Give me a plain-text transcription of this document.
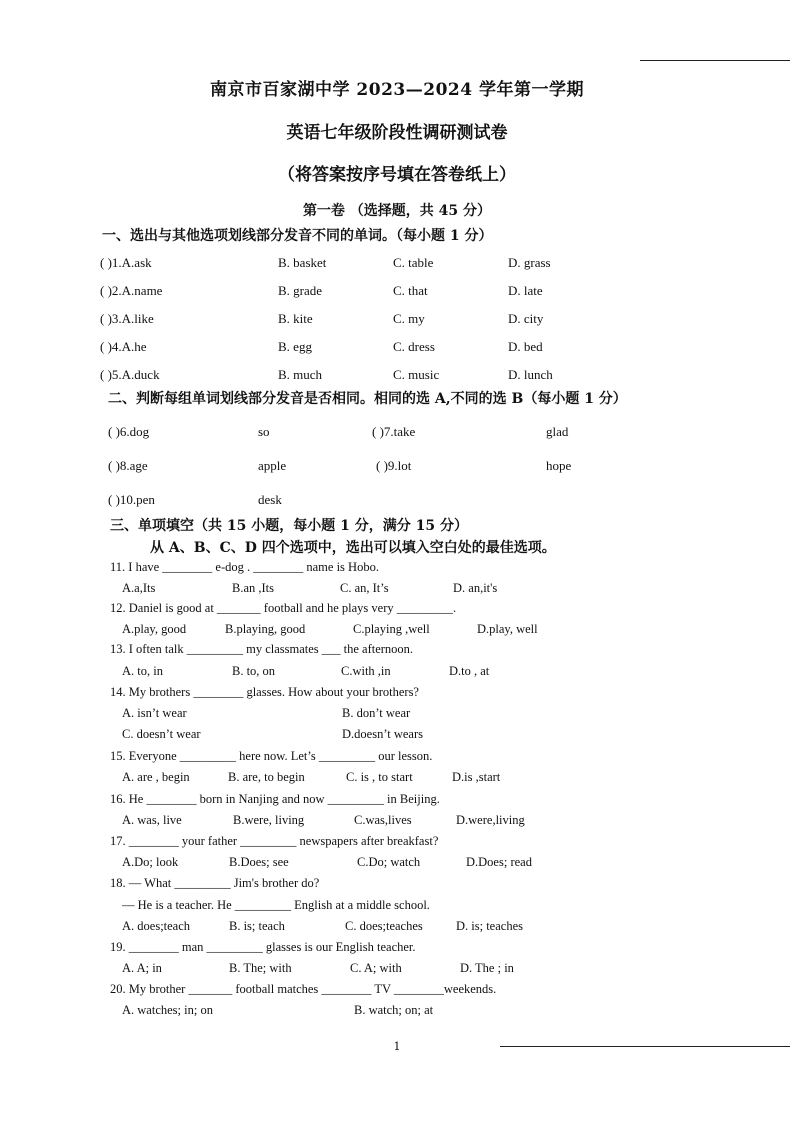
南京市百家湖中学 2023—2024 学年第一学期
英语七年级阶段性调研测试卷
（将答案按序号填在答卷纸上）
第一卷 （选择题，共 45 分）
一、选出与其他选项划线部分发音不同的单词。（每小题 1 分）
( )1.A.ask	B. basket	C. table	D. grass
( )2.A.name	B. grade	C. that	D. late
( )3.A.like	B. kite	C. my	D. city
( )4.A.he	B. egg	C. dress	D. bed
( )5.A.duck	B. much	C. music	D. lunch
二、判断每组单词划线部分发音是否相同。相同的选 A,不同的选 B（每小题 1 分）
( )6.dog	so	( )7.take	glad
( )8.age	apple	( )9.lot	hope
( )10.pen	desk
三、单项填空（共 15 小题，每小题 1 分，满分 15 分）
从 A、B、C、D 四个选项中，选出可以填入空白处的最佳选项。
11. I have ________ e-dog . ________ name is Hobo.
A.a,Its	B.an ,Its	C. an, It’s	D. an,it's
12. Daniel is good at _______ football and he plays very _________.
A.play, good	B.playing, good	C.playing ,well	D.play, well
13. I often talk _________ my classmates ___ the afternoon.
A. to, in	B. to, on	C.with ,in	D.to , at
14. My brothers ________ glasses. How about your brothers?
A. isn’t wear	B. don’t wear
C. doesn’t wear	D.doesn’t wears
15. Everyone _________ here now. Let’s _________ our lesson.
A. are , begin	B. are, to begin	C. is , to start	D.is ,start
16. He ________ born in Nanjing and now _________ in Beijing.
A. was, live	B.were, living	C.was,lives	D.were,living
17. ________ your father _________ newspapers after breakfast?
A.Do; look	B.Does; see	C.Do; watch	D.Does; read
18. — What _________ Jim's brother do?
— He is a teacher. He _________ English at a middle school.
A. does;teach	B. is; teach	C. does;teaches	D. is; teaches
19. ________ man _________ glasses is our English teacher.
A. A; in	B. The; with	C. A; with	D. The ; in
20. My brother _______ football matches ________ TV ________weekends.
A. watches; in; on	B. watch; on; at
1
